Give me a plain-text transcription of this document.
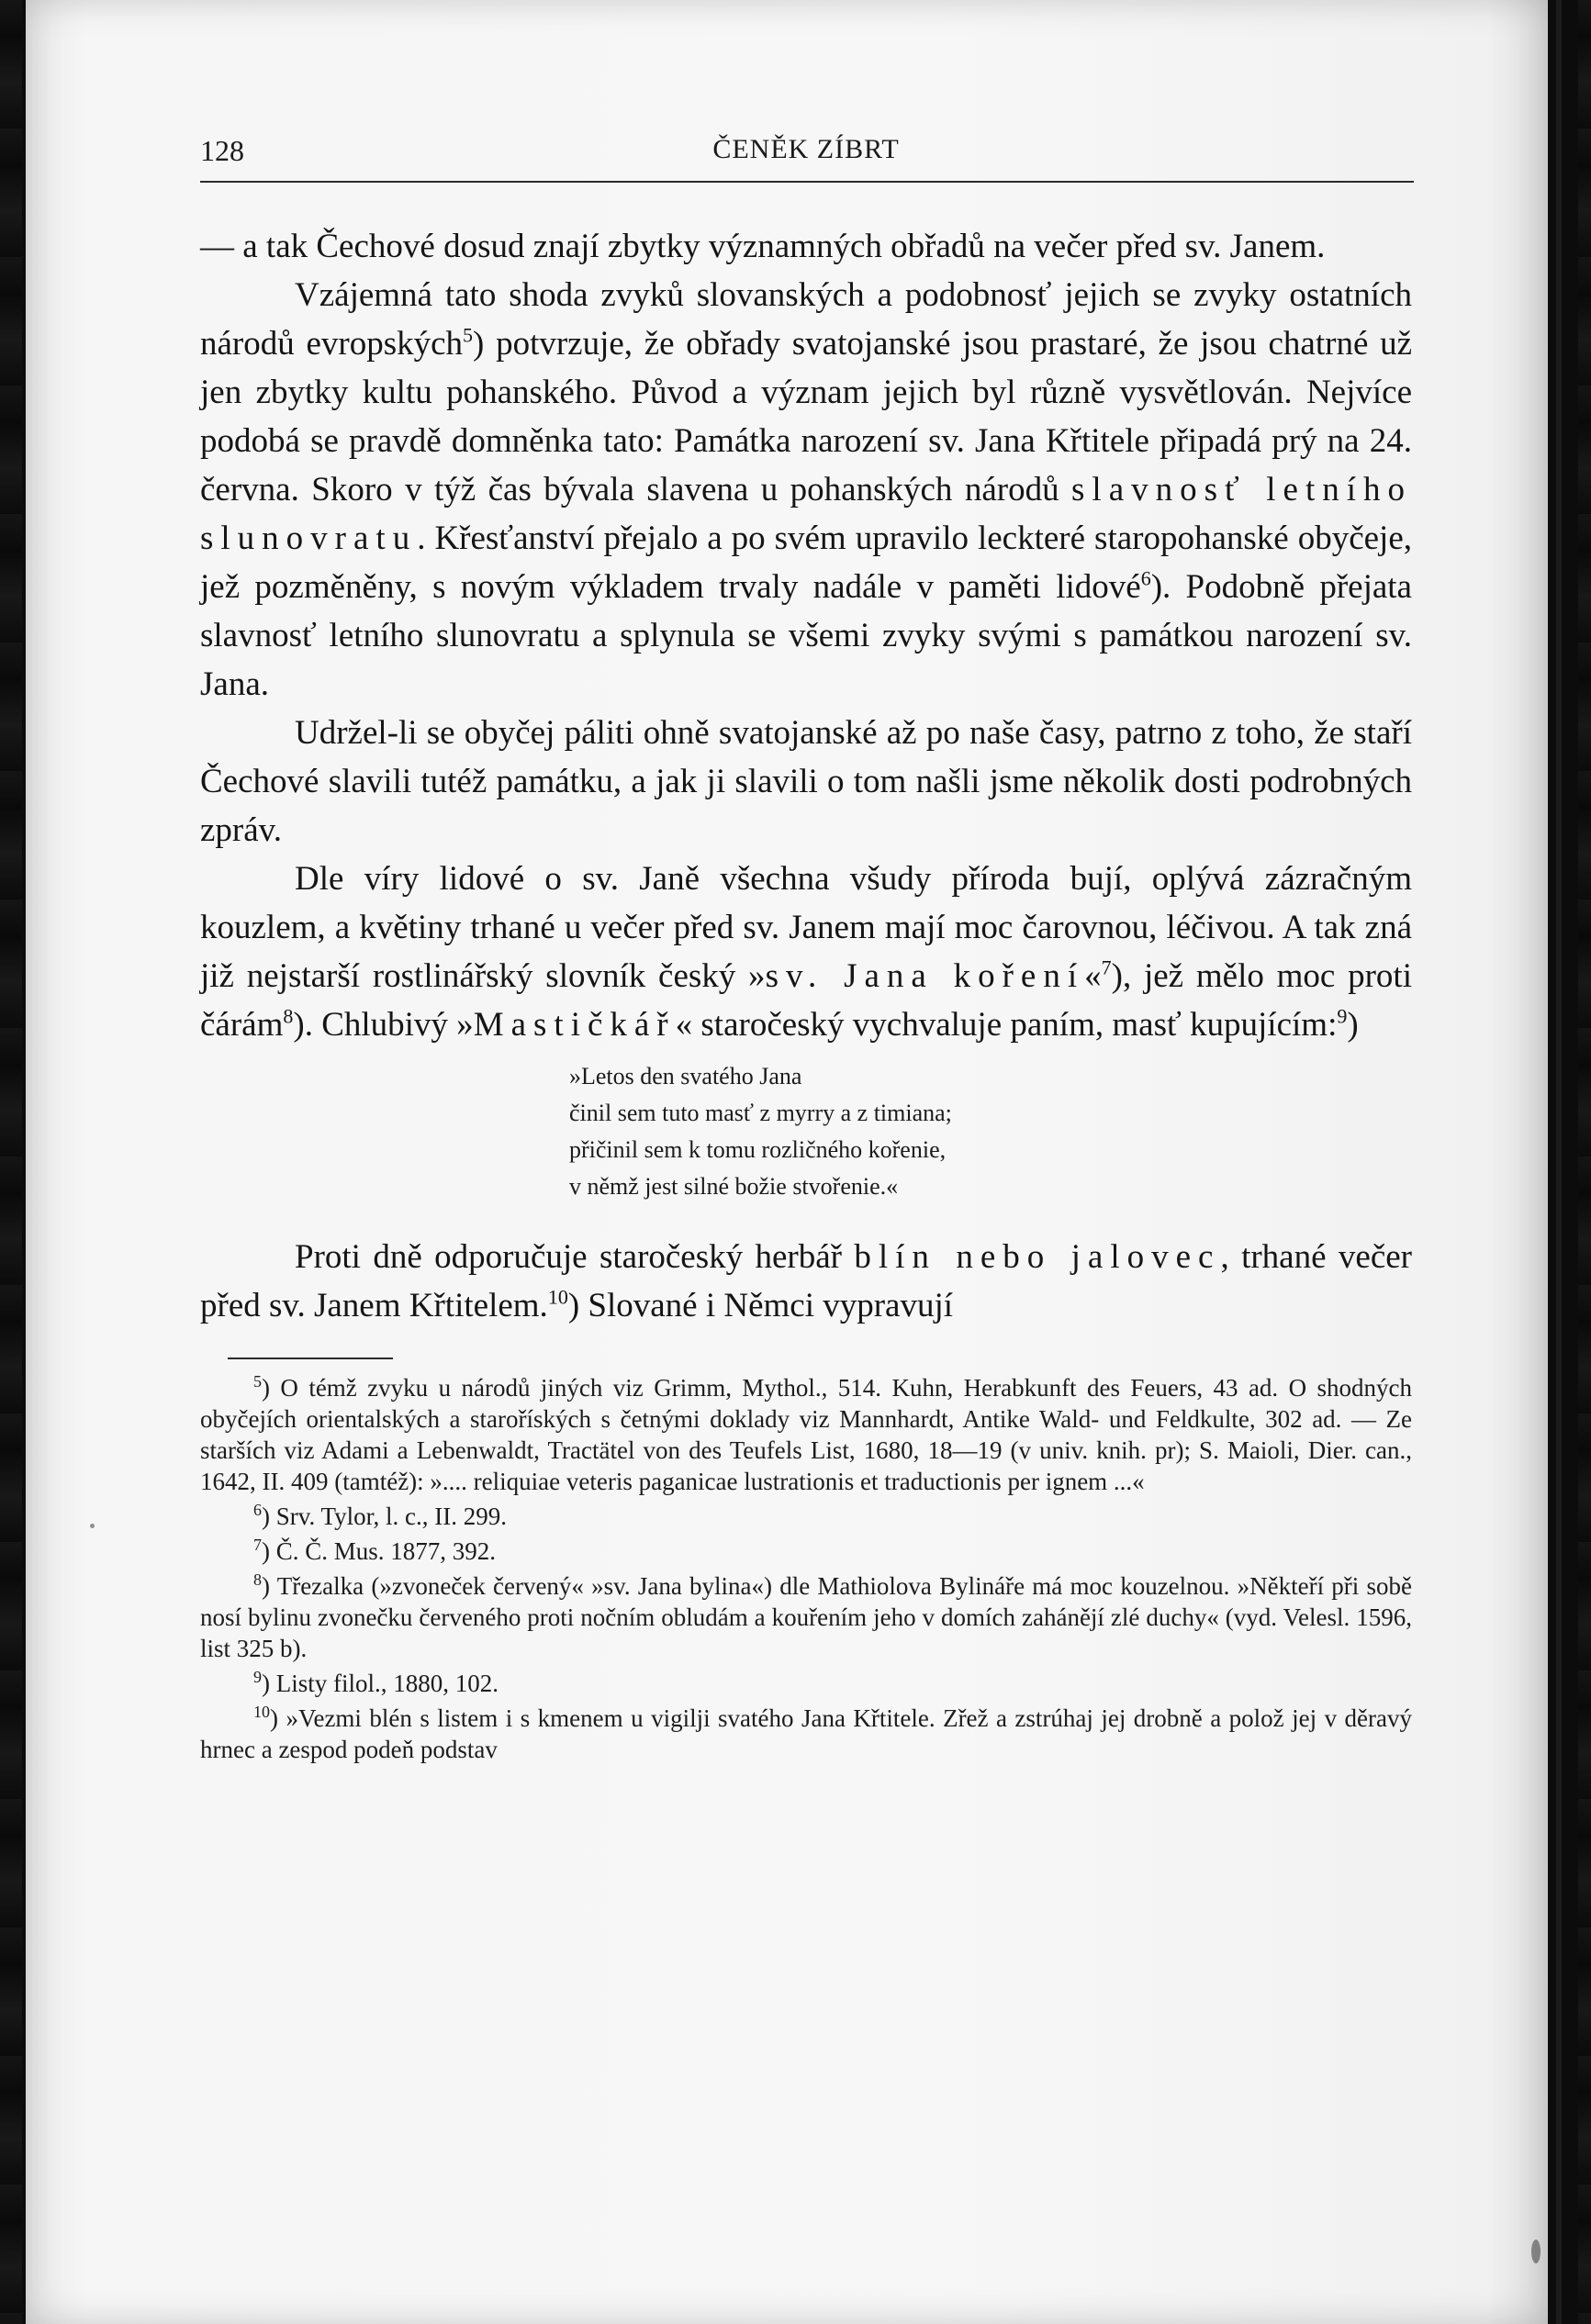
128	ČENĚK ZÍBRT

— a tak Čechové dosud znají zbytky významných obřadů na večer před sv. Janem.

Vzájemná tato shoda zvyků slovanských a podobnosť jejich se zvyky ostatních národů evropských$^5$) potvrzuje, že obřady svatojanské jsou prastaré, že jsou chatrné už jen zbytky kultu pohanského. Původ a význam jejich byl různě vysvětlován. Nejvíce podobá se pravdě domněnka tato: Památka narození sv. Jana Křtitele připadá prý na 24. června. Skoro v týž čas bývala slavena u pohanských národů slavnosť letního slunovratu. Křesťanství přejalo a po svém upravilo leckteré staropohanské obyčeje, jež pozměněny, s novým výkladem trvaly nadále v paměti lidové$^6$). Podobně přejata slavnosť letního slunovratu a splynula se všemi zvyky svými s památkou narození sv. Jana.

Udržel-li se obyčej páliti ohně svatojanské až po naše časy, patrno z toho, že staří Čechové slavili tutéž památku, a jak ji slavili o tom našli jsme několik dosti podrobných zpráv.

Dle víry lidové o sv. Janě všechna všudy příroda bují, oplývá zázračným kouzlem, a květiny trhané u večer před sv. Janem mají moc čarovnou, léčivou. A tak zná již nejstarší rostlinářský slovník český »sv. Jana koření«$^7$), jež mělo moc proti čárám$^8$). Chlubivý »Mastičkář« staročeský vychvaluje paním, masť kupujícím:$^9$)

»Letos den svatého Jana
činil sem tuto masť z myrry a z timiana;
přičinil sem k tomu rozličného kořenie,
v němž jest silné božie stvořenie.«

Proti dně odporučuje staročeský herbář blín nebo jalovec, trhané večer před sv. Janem Křtitelem.$^{10}$) Slované i Němci vypravují

$^5$) O témž zvyku u národů jiných viz Grimm, Mythol., 514. Kuhn, Herabkunft des Feuers, 43 ad. O shodných obyčejích orientalských a staroříských s četnými doklady viz Mannhardt, Antike Wald- und Feldkulte, 302 ad. — Ze starších viz Adami a Lebenwaldt, Tractätel von des Teufels List, 1680, 18—19 (v univ. knih. pr); S. Maioli, Dier. can., 1642, II. 409 (tamtéž): ».... reliquiae veteris paganicae lustrationis et traductionis per ignem ...«

$^6$) Srv. Tylor, l. c., II. 299.

$^7$) Č. Č. Mus. 1877, 392.

$^8$) Třezalka (»zvoneček červený« »sv. Jana bylina«) dle Mathiolova Bylináře má moc kouzelnou. »Někteří při sobě nosí bylinu zvonečku červeného proti nočním obludám a kouřením jeho v domích zahánějí zlé duchy« (vyd. Velesl. 1596, list 325 b).

$^9$) Listy filol., 1880, 102.

$^{10}$) »Vezmi blén s listem i s kmenem u vigilji svatého Jana Křtitele. Zřež a zstrúhaj jej drobně a polož jej v děravý hrnec a zespod podeň podstav
